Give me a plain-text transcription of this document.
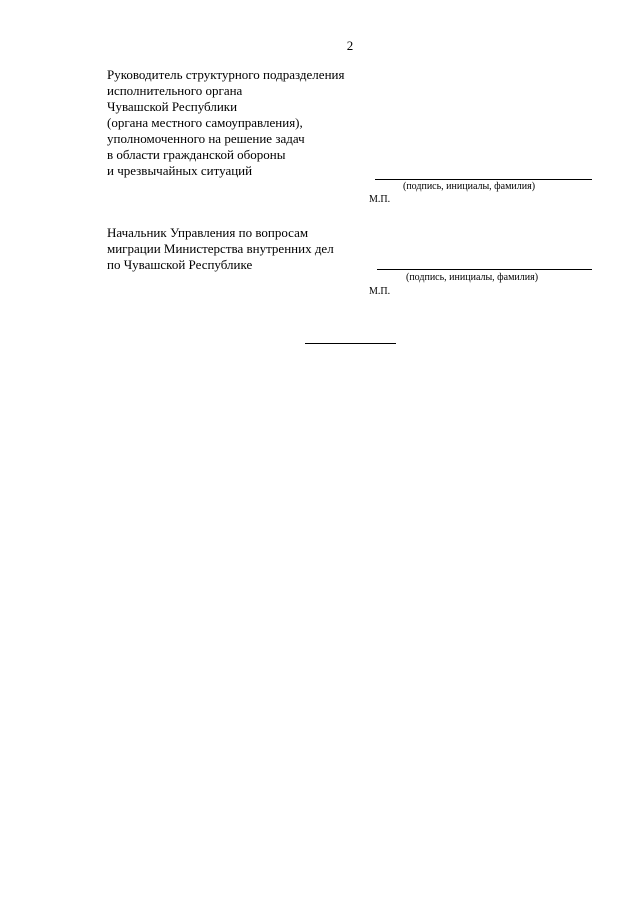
2
Руководитель структурного подразделения
исполнительного органа
Чувашской Республики
(органа местного самоуправления),
уполномоченного на решение задач
в области гражданской обороны
и чрезвычайных ситуаций
(подпись, инициалы, фамилия)
М.П.
Начальник Управления по вопросам
миграции Министерства внутренних дел
по Чувашской Республике
(подпись, инициалы, фамилия)
М.П.
